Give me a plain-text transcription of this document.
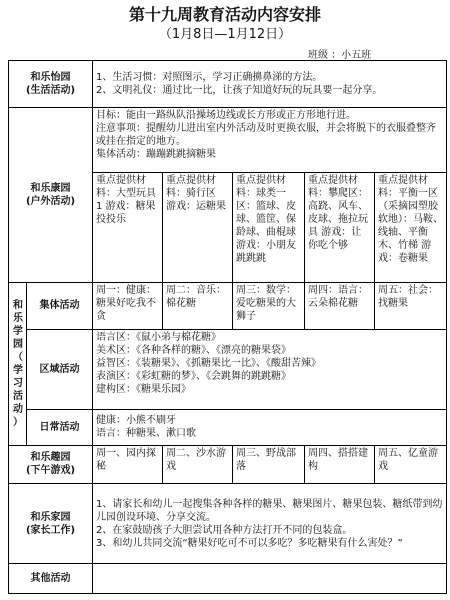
第十九周教育活动内容安排
（1月8日—1月12日）
班级 ：小五班
和乐怡园
(生活活动)		1、生活习惯：对照图示，学习正确擤鼻涕的方法。
2、文明礼仪：通过比一比，让孩子知道好玩的玩具要一起分享。				

和乐康园
(户外活动)		目标：能由一路纵队沿操场边线或长方形或正方形地行进。
注意事项：提醒幼儿进出室内外活动及时更换衣服，并会将脱下的衣服叠整齐或挂在指定的地方。
集体活动：蹦蹦跳跳摘糖果				

		重点提供材料：大型玩具 1 游戏：糖果投投乐	重点提供材料：骑行区 游戏：运糖果	重点提供材料：球类一区：篮球、皮球、篮筐、保龄球、曲棍球 游戏：小朋友跳跳跳	重点提供材料：攀爬区：高跷、风车、皮球、拖拉玩具 游戏：让你吃个够	重点提供材料：平衡一区（采摘园塑胶软地）：马鞍、线轴、平衡木、竹梯 游戏：卷糖果

和乐学园（学习活动）	集体活动	周一：健康：糖果好吃我不贪	周二：音乐：棉花糖	周三：数学：爱吃糖果的大狮子	周四：语言：云朵棉花糖	周五：社会：找糖果
	区域活动	语言区：《鼠小弟与棉花糖》
美术区：《各种各样的糖》、《漂亮的糖果袋》
益智区：《装糖果》、《抓糖果比一比》、《酸甜苦辣》
表演区：《彩虹糖的梦》、《会跳舞的跳跳糖》
建构区：《糖果乐园》				

	日常活动	健康：小熊不刷牙
语言：种糖果、漱口歌				

和乐趣园
(下午游戏)		周一、园内探秘	周二、沙水游戏	周三、野战部落	周四、搭搭建构	周五、亿童游戏

和乐家园
(家长工作)		1、请家长和幼儿一起搜集各种各样的糖果、糖果图片、糖果包装、糖纸带到幼儿园创设环境、分享交流。
2、在家鼓励孩子大胆尝试用各种方法打开不同的包装盒。
3、和幼儿共同交流“糖果好吃可不可以多吃？多吃糖果有什么害处？”				

其他活动						
